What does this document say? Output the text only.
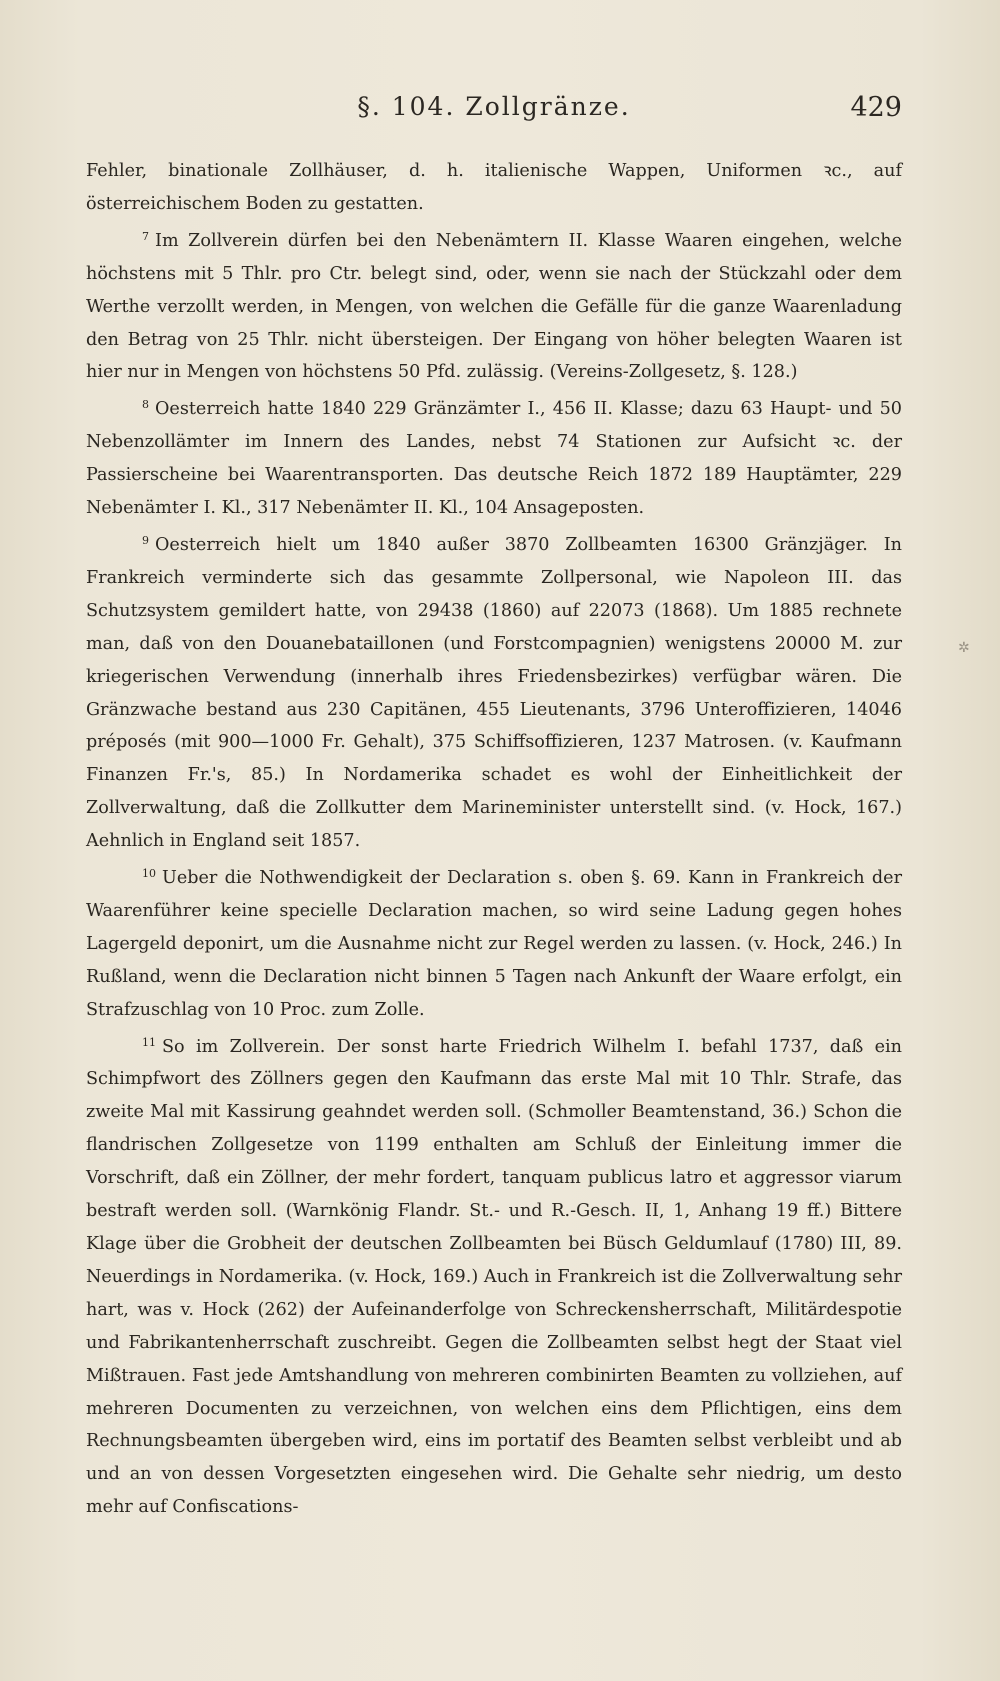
§. 104. Zollgränze.	429

Fehler, binationale Zollhäuser, d. h. italienische Wappen, Uniformen ꝛc., auf österreichischem Boden zu gestatten.

$^7$ Im Zollverein dürfen bei den Nebenämtern II. Klasse Waaren eingehen, welche höchstens mit 5 Thlr. pro Ctr. belegt sind, oder, wenn sie nach der Stückzahl oder dem Werthe verzollt werden, in Mengen, von welchen die Gefälle für die ganze Waarenladung den Betrag von 25 Thlr. nicht übersteigen. Der Eingang von höher belegten Waaren ist hier nur in Mengen von höchstens 50 Pfd. zulässig. (Vereins-Zollgesetz, §. 128.)

$^8$ Oesterreich hatte 1840 229 Gränzämter I., 456 II. Klasse; dazu 63 Haupt- und 50 Nebenzollämter im Innern des Landes, nebst 74 Stationen zur Aufsicht ꝛc. der Passierscheine bei Waarentransporten. Das deutsche Reich 1872 189 Hauptämter, 229 Nebenämter I. Kl., 317 Nebenämter II. Kl., 104 Ansageposten.

$^9$ Oesterreich hielt um 1840 außer 3870 Zollbeamten 16300 Gränzjäger. In Frankreich verminderte sich das gesammte Zollpersonal, wie Napoleon III. das Schutzsystem gemildert hatte, von 29438 (1860) auf 22073 (1868). Um 1885 rechnete man, daß von den Douanebataillonen (und Forstcompagnien) wenigstens 20000 M. zur kriegerischen Verwendung (innerhalb ihres Friedensbezirkes) verfügbar wären. Die Gränzwache bestand aus 230 Capitänen, 455 Lieutenants, 3796 Unteroffizieren, 14046 préposés (mit 900—1000 Fr. Gehalt), 375 Schiffsoffizieren, 1237 Matrosen. (v. Kaufmann Finanzen Fr.'s, 85.) In Nordamerika schadet es wohl der Einheitlichkeit der Zollverwaltung, daß die Zollkutter dem Marineminister unterstellt sind. (v. Hock, 167.) Aehnlich in England seit 1857.

$^{10}$ Ueber die Nothwendigkeit der Declaration s. oben §. 69. Kann in Frankreich der Waarenführer keine specielle Declaration machen, so wird seine Ladung gegen hohes Lagergeld deponirt, um die Ausnahme nicht zur Regel werden zu lassen. (v. Hock, 246.) In Rußland, wenn die Declaration nicht binnen 5 Tagen nach Ankunft der Waare erfolgt, ein Strafzuschlag von 10 Proc. zum Zolle.

$^{11}$ So im Zollverein. Der sonst harte Friedrich Wilhelm I. befahl 1737, daß ein Schimpfwort des Zöllners gegen den Kaufmann das erste Mal mit 10 Thlr. Strafe, das zweite Mal mit Kassirung geahndet werden soll. (Schmoller Beamtenstand, 36.) Schon die flandrischen Zollgesetze von 1199 enthalten am Schluß der Einleitung immer die Vorschrift, daß ein Zöllner, der mehr fordert, tanquam publicus latro et aggressor viarum bestraft werden soll. (Warnkönig Flandr. St.- und R.-Gesch. II, 1, Anhang 19 ff.) Bittere Klage über die Grobheit der deutschen Zollbeamten bei Büsch Geldumlauf (1780) III, 89. Neuerdings in Nordamerika. (v. Hock, 169.) Auch in Frankreich ist die Zollverwaltung sehr hart, was v. Hock (262) der Aufeinanderfolge von Schreckensherrschaft, Militärdespotie und Fabrikantenherrschaft zuschreibt. Gegen die Zollbeamten selbst hegt der Staat viel Mißtrauen. Fast jede Amtshandlung von mehreren combinirten Beamten zu vollziehen, auf mehreren Documenten zu verzeichnen, von welchen eins dem Pflichtigen, eins dem Rechnungsbeamten übergeben wird, eins im portatif des Beamten selbst verbleibt und ab und an von dessen Vorgesetzten eingesehen wird. Die Gehalte sehr niedrig, um desto mehr auf Confiscations-

✲
